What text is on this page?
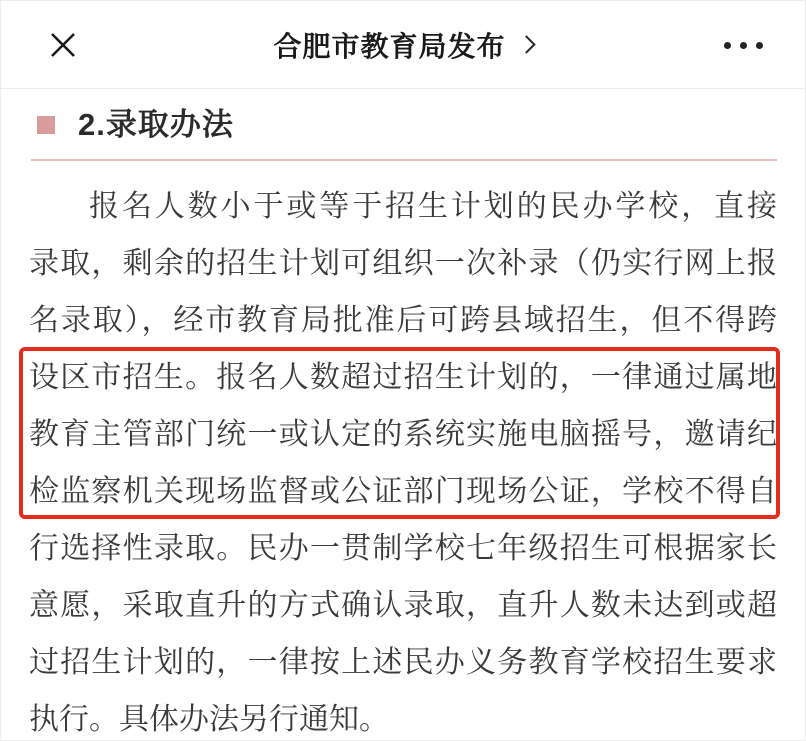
合肥市教育局发布
2.录取办法
报名人数小于或等于招生计划的民办学校，直接
录取，剩余的招生计划可组织一次补录（仍实行网上报
名录取），经市教育局批准后可跨县域招生，但不得跨
设区市招生。报名人数超过招生计划的，一律通过属地
教育主管部门统一或认定的系统实施电脑摇号，邀请纪
检监察机关现场监督或公证部门现场公证，学校不得自
行选择性录取。民办一贯制学校七年级招生可根据家长
意愿，采取直升的方式确认录取，直升人数未达到或超
过招生计划的，一律按上述民办义务教育学校招生要求
执行。具体办法另行通知。
